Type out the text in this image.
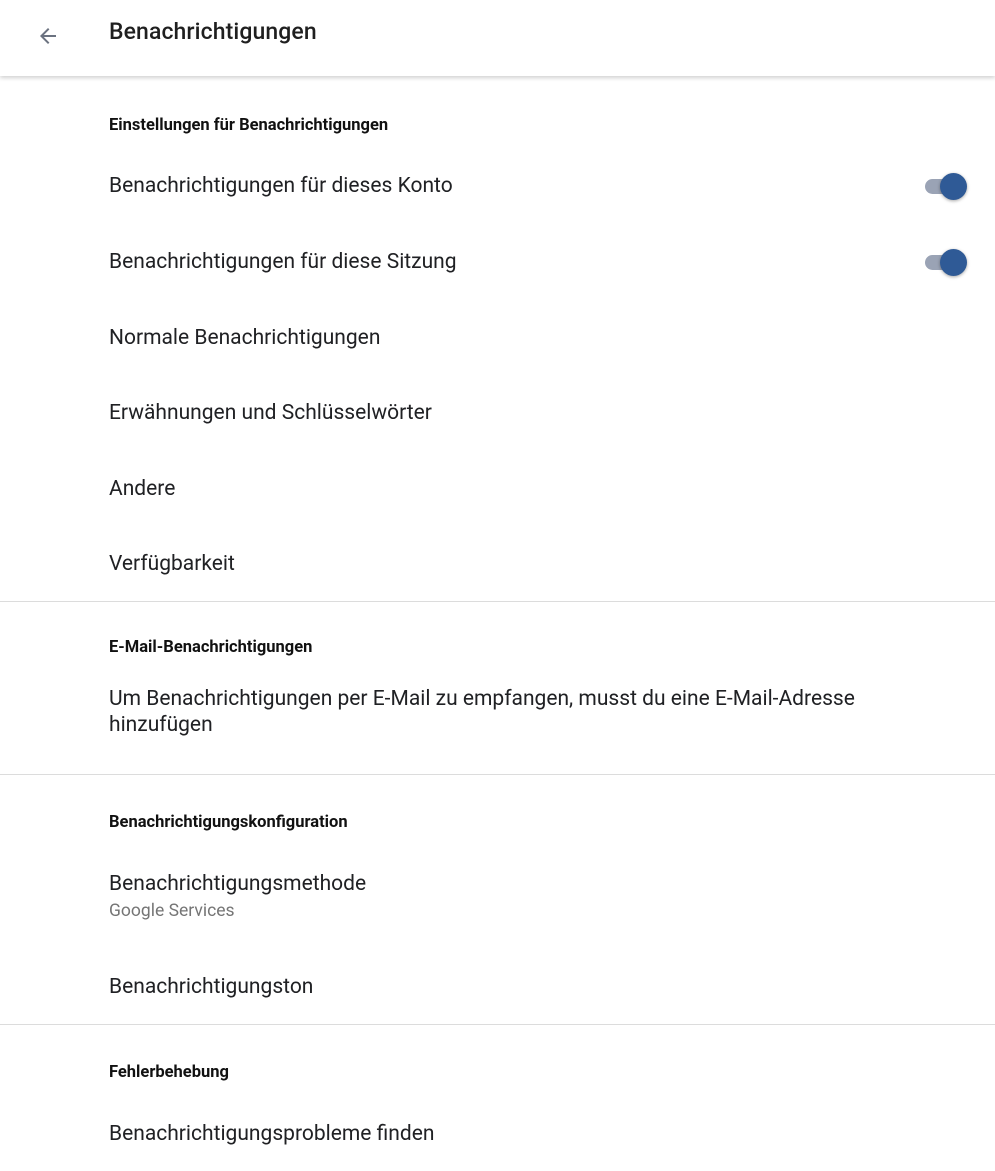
Benachrichtigungen
Einstellungen für Benachrichtigungen
Benachrichtigungen für dieses Konto
Benachrichtigungen für diese Sitzung
Normale Benachrichtigungen
Erwähnungen und Schlüsselwörter
Andere
Verfügbarkeit
E-Mail-Benachrichtigungen
Um Benachrichtigungen per E-Mail zu empfangen, musst du eine E-Mail-Adresse hinzufügen
Benachrichtigungskonfiguration
Benachrichtigungsmethode
Google Services
Benachrichtigungston
Fehlerbehebung
Benachrichtigungsprobleme finden
